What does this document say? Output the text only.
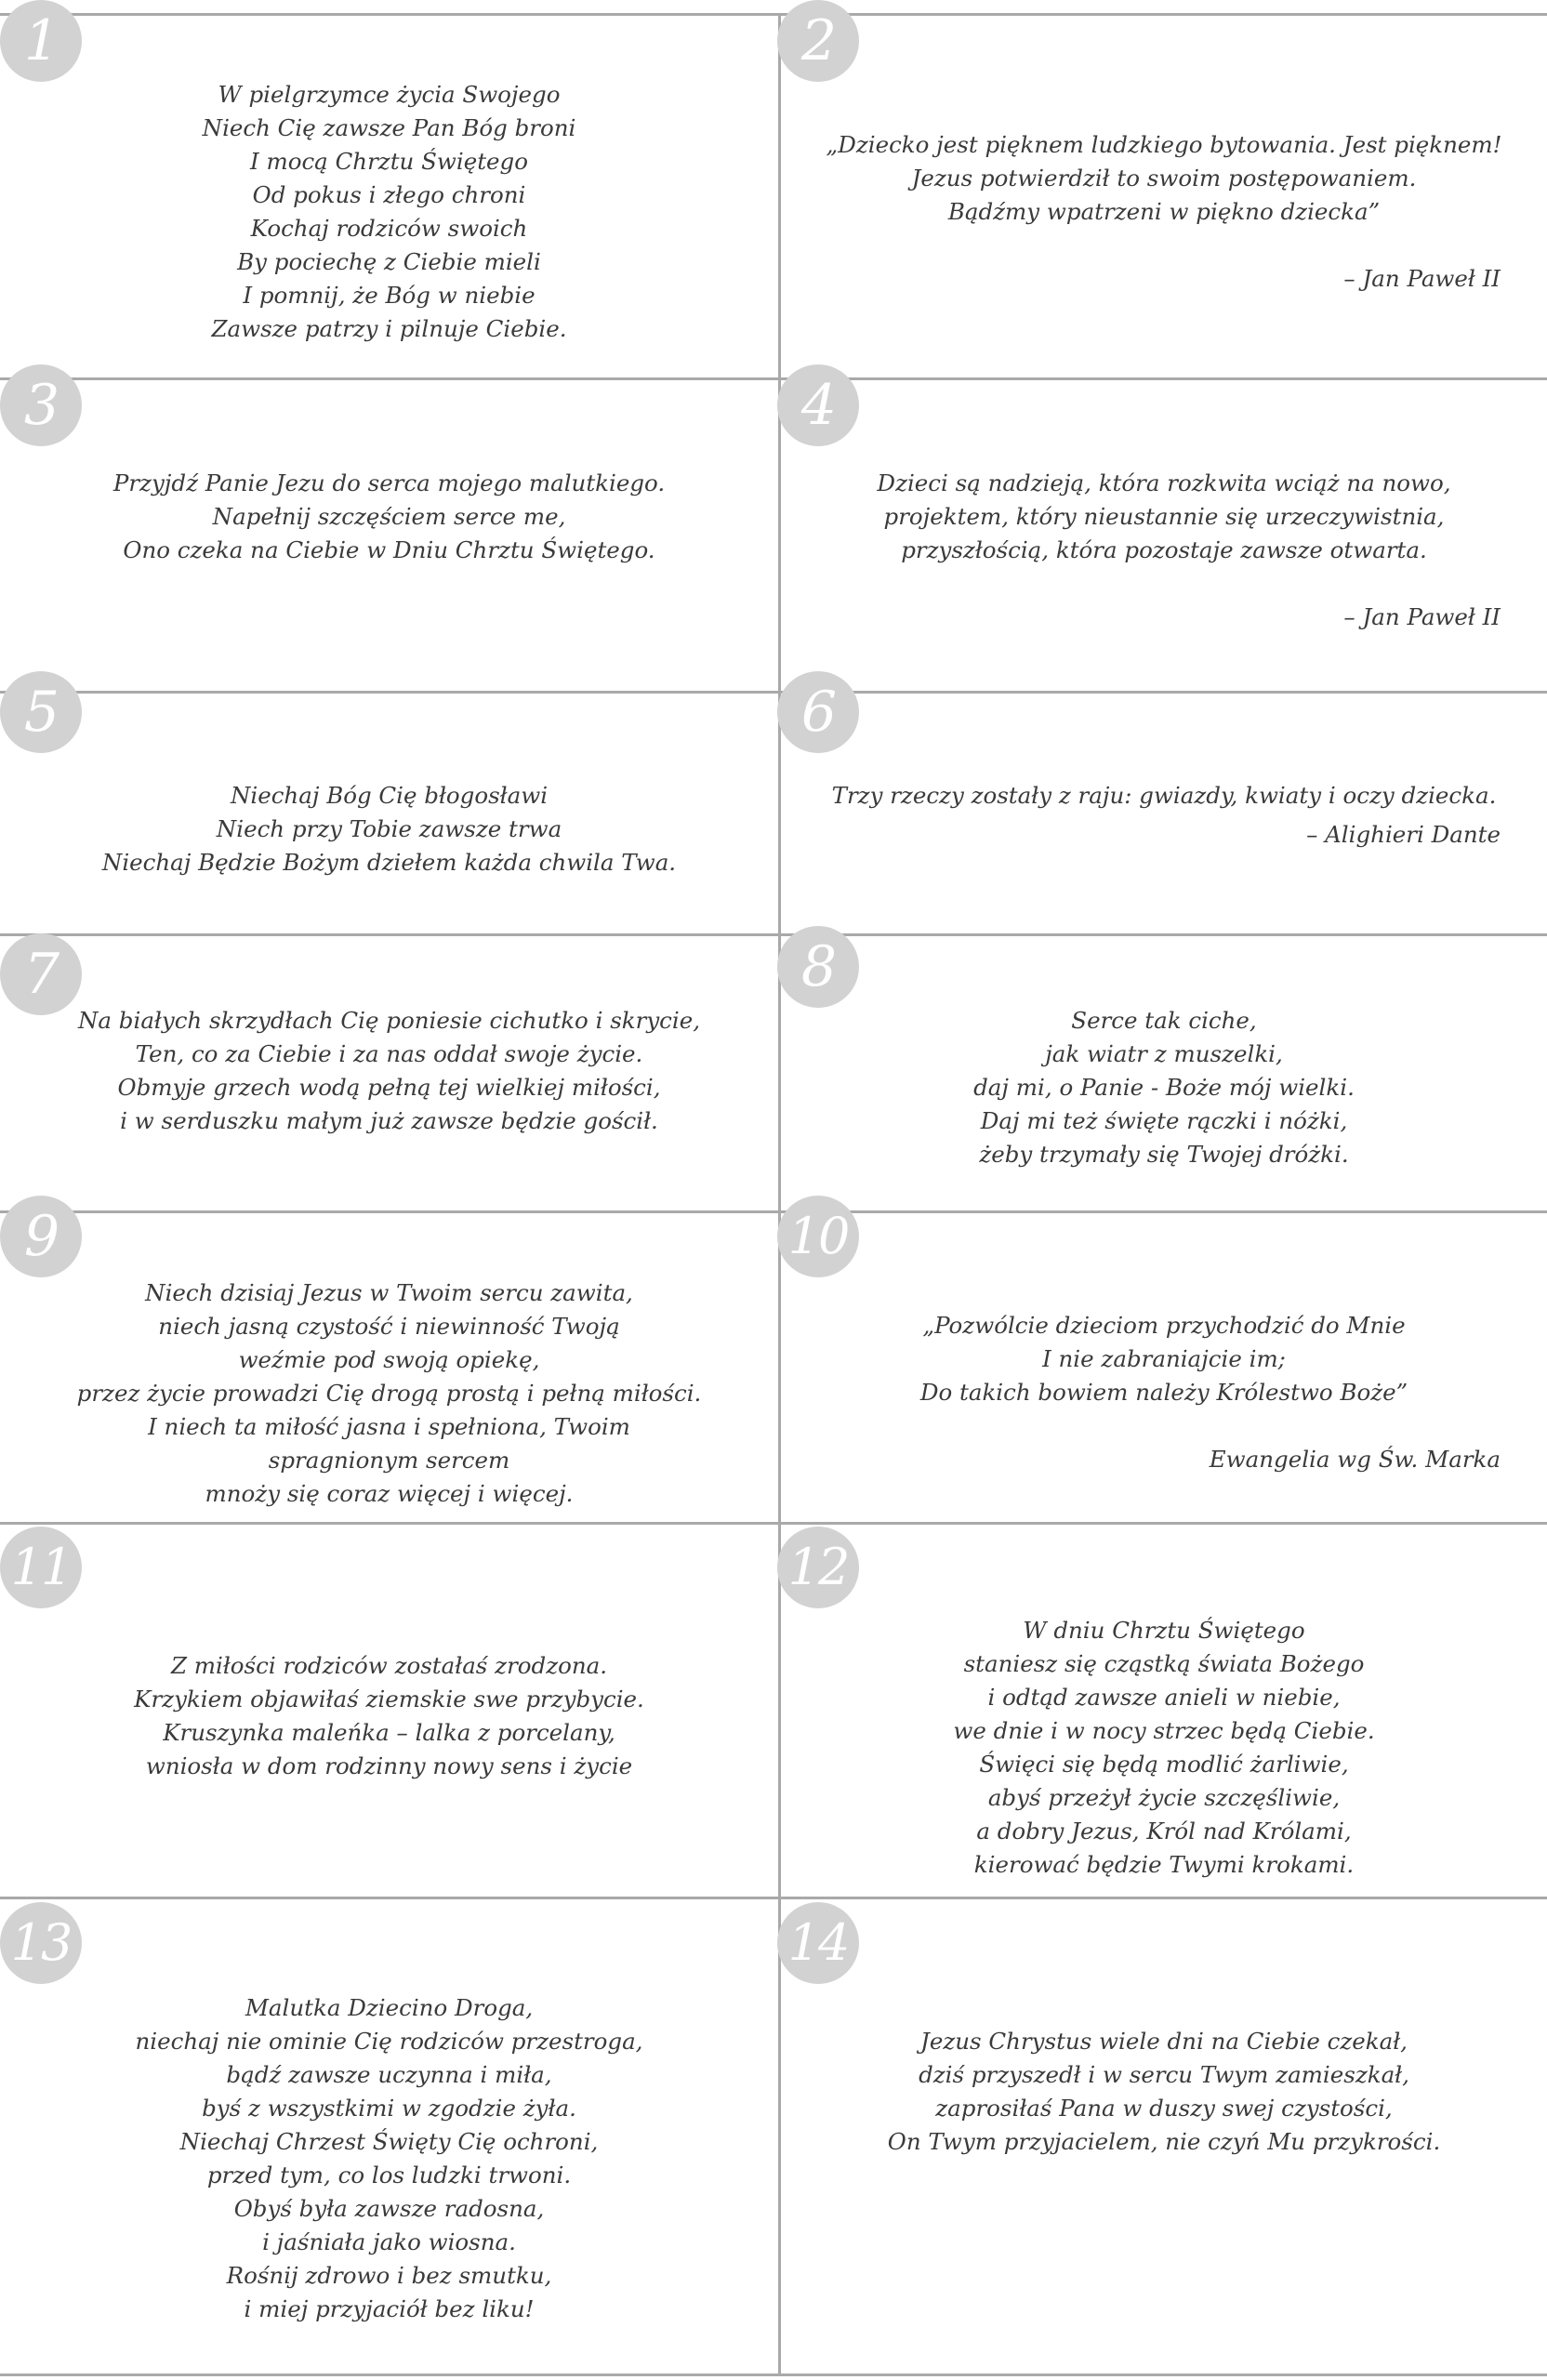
1
W pielgrzymce życia Swojego
Niech Cię zawsze Pan Bóg broni
I mocą Chrztu Świętego
Od pokus i złego chroni
Kochaj rodziców swoich
By pociechę z Ciebie mieli
I pomnij, że Bóg w niebie
Zawsze patrzy i pilnuje Ciebie.
2
„Dziecko jest pięknem ludzkiego bytowania. Jest pięknem!
Jezus potwierdził to swoim postępowaniem.
Bądźmy wpatrzeni w piękno dziecka”
– Jan Paweł II
3
Przyjdź Panie Jezu do serca mojego malutkiego.
Napełnij szczęściem serce me,
Ono czeka na Ciebie w Dniu Chrztu Świętego.
4
Dzieci są nadzieją, która rozkwita wciąż na nowo,
projektem, który nieustannie się urzeczywistnia,
przyszłością, która pozostaje zawsze otwarta.
– Jan Paweł II
5
Niechaj Bóg Cię błogosławi
Niech przy Tobie zawsze trwa
Niechaj Będzie Bożym dziełem każda chwila Twa.
6
Trzy rzeczy zostały z raju: gwiazdy, kwiaty i oczy dziecka.
– Alighieri Dante
7
Na białych skrzydłach Cię poniesie cichutko i skrycie,
Ten, co za Ciebie i za nas oddał swoje życie.
Obmyje grzech wodą pełną tej wielkiej miłości,
i w serduszku małym już zawsze będzie gościł.
8
Serce tak ciche,
jak wiatr z muszelki,
daj mi, o Panie - Boże mój wielki.
Daj mi też święte rączki i nóżki,
żeby trzymały się Twojej dróżki.
9
Niech dzisiaj Jezus w Twoim sercu zawita,
niech jasną czystość i niewinność Twoją
weźmie pod swoją opiekę,
przez życie prowadzi Cię drogą prostą i pełną miłości.
I niech ta miłość jasna i spełniona, Twoim
spragnionym sercem
mnoży się coraz więcej i więcej.
10
„Pozwólcie dzieciom przychodzić do Mnie
I nie zabraniajcie im;
Do takich bowiem należy Królestwo Boże”
Ewangelia wg Św. Marka
11
Z miłości rodziców zostałaś zrodzona.
Krzykiem objawiłaś ziemskie swe przybycie.
Kruszynka maleńka – lalka z porcelany,
wniosła w dom rodzinny nowy sens i życie
12
W dniu Chrztu Świętego
staniesz się cząstką świata Bożego
i odtąd zawsze anieli w niebie,
we dnie i w nocy strzec będą Ciebie.
Święci się będą modlić żarliwie,
abyś przeżył życie szczęśliwie,
a dobry Jezus, Król nad Królami,
kierować będzie Twymi krokami.
13
Malutka Dziecino Droga,
niechaj nie ominie Cię rodziców przestroga,
bądź zawsze uczynna i miła,
byś z wszystkimi w zgodzie żyła.
Niechaj Chrzest Święty Cię ochroni,
przed tym, co los ludzki trwoni.
Obyś była zawsze radosna,
i jaśniała jako wiosna.
Rośnij zdrowo i bez smutku,
i miej przyjaciół bez liku!
14
Jezus Chrystus wiele dni na Ciebie czekał,
dziś przyszedł i w sercu Twym zamieszkał,
zaprosiłaś Pana w duszy swej czystości,
On Twym przyjacielem, nie czyń Mu przykrości.
